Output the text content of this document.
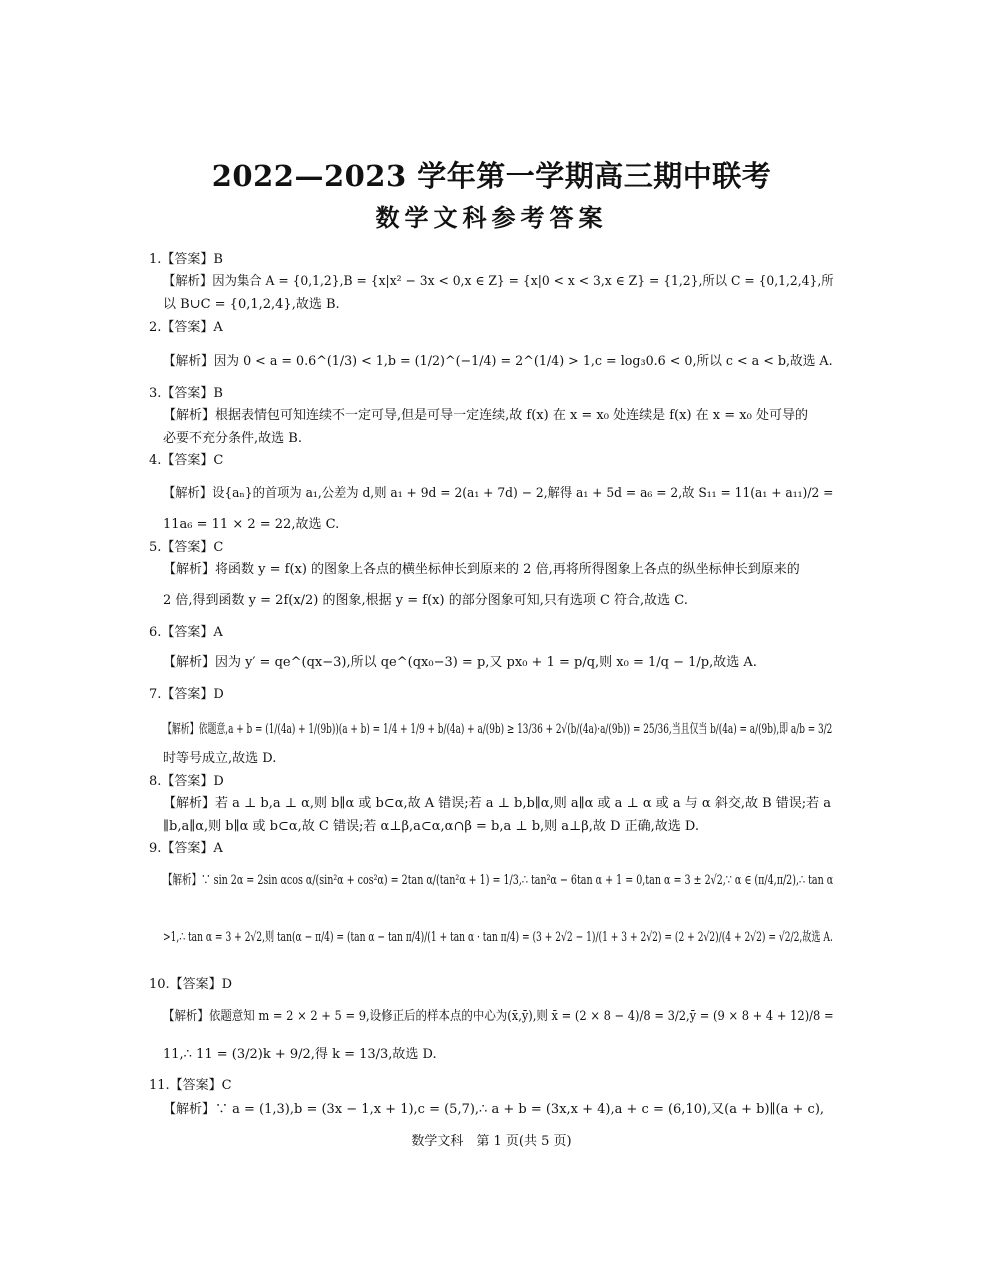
2022—2023 学年第一学期高三期中联考
数学文科参考答案
1.【答案】B
【解析】因为集合 A = {0,1,2},B = {x|x² − 3x < 0,x ∈ Z} = {x|0 < x < 3,x ∈ Z} = {1,2},所以 C = {0,1,2,4},所
以 B∪C = {0,1,2,4},故选 B.
2.【答案】A
【解析】因为 0 < a = 0.6^(1/3) < 1,b = (1/2)^(−1/4) = 2^(1/4) > 1,c = log₃0.6 < 0,所以 c < a < b,故选 A.
3.【答案】B
【解析】根据表情包可知连续不一定可导,但是可导一定连续,故 f(x) 在 x = x₀ 处连续是 f(x) 在 x = x₀ 处可导的
必要不充分条件,故选 B.
4.【答案】C
【解析】设{aₙ}的首项为 a₁,公差为 d,则 a₁ + 9d = 2(a₁ + 7d) − 2,解得 a₁ + 5d = a₆ = 2,故 S₁₁ = 11(a₁ + a₁₁)/2 =
11a₆ = 11 × 2 = 22,故选 C.
5.【答案】C
【解析】将函数 y = f(x) 的图象上各点的横坐标伸长到原来的 2 倍,再将所得图象上各点的纵坐标伸长到原来的
2 倍,得到函数 y = 2f(x/2) 的图象,根据 y = f(x) 的部分图象可知,只有选项 C 符合,故选 C.
6.【答案】A
【解析】因为 y′ = qe^(qx−3),所以 qe^(qx₀−3) = p,又 px₀ + 1 = p/q,则 x₀ = 1/q − 1/p,故选 A.
7.【答案】D
【解析】依题意,a + b = (1/(4a) + 1/(9b))(a + b) = 1/4 + 1/9 + b/(4a) + a/(9b) ≥ 13/36 + 2√(b/(4a)·a/(9b)) = 25/36,当且仅当 b/(4a) = a/(9b),即 a/b = 3/2
时等号成立,故选 D.
8.【答案】D
【解析】若 a ⊥ b,a ⊥ α,则 b∥α 或 b⊂α,故 A 错误;若 a ⊥ b,b∥α,则 a∥α 或 a ⊥ α 或 a 与 α 斜交,故 B 错误;若 a
∥b,a∥α,则 b∥α 或 b⊂α,故 C 错误;若 α⊥β,a⊂α,α∩β = b,a ⊥ b,则 a⊥β,故 D 正确,故选 D.
9.【答案】A
【解析】∵ sin 2α = 2sin αcos α/(sin²α + cos²α) = 2tan α/(tan²α + 1) = 1/3,∴ tan²α − 6tan α + 1 = 0,tan α = 3 ± 2√2,∵ α ∈ (π/4,π/2),∴ tan α
>1,∴ tan α = 3 + 2√2,则 tan(α − π/4) = (tan α − tan π/4)/(1 + tan α · tan π/4) = (3 + 2√2 − 1)/(1 + 3 + 2√2) = (2 + 2√2)/(4 + 2√2) = √2/2,故选 A.
10.【答案】D
【解析】依题意知 m = 2 × 2 + 5 = 9,设修正后的样本点的中心为(x̄,ȳ),则 x̄ = (2 × 8 − 4)/8 = 3/2,ȳ = (9 × 8 + 4 + 12)/8 =
11,∴ 11 = (3/2)k + 9/2,得 k = 13/3,故选 D.
11.【答案】C
【解析】∵ a = (1,3),b = (3x − 1,x + 1),c = (5,7),∴ a + b = (3x,x + 4),a + c = (6,10),又(a + b)∥(a + c),
数学文科　第 1 页(共 5 页)
